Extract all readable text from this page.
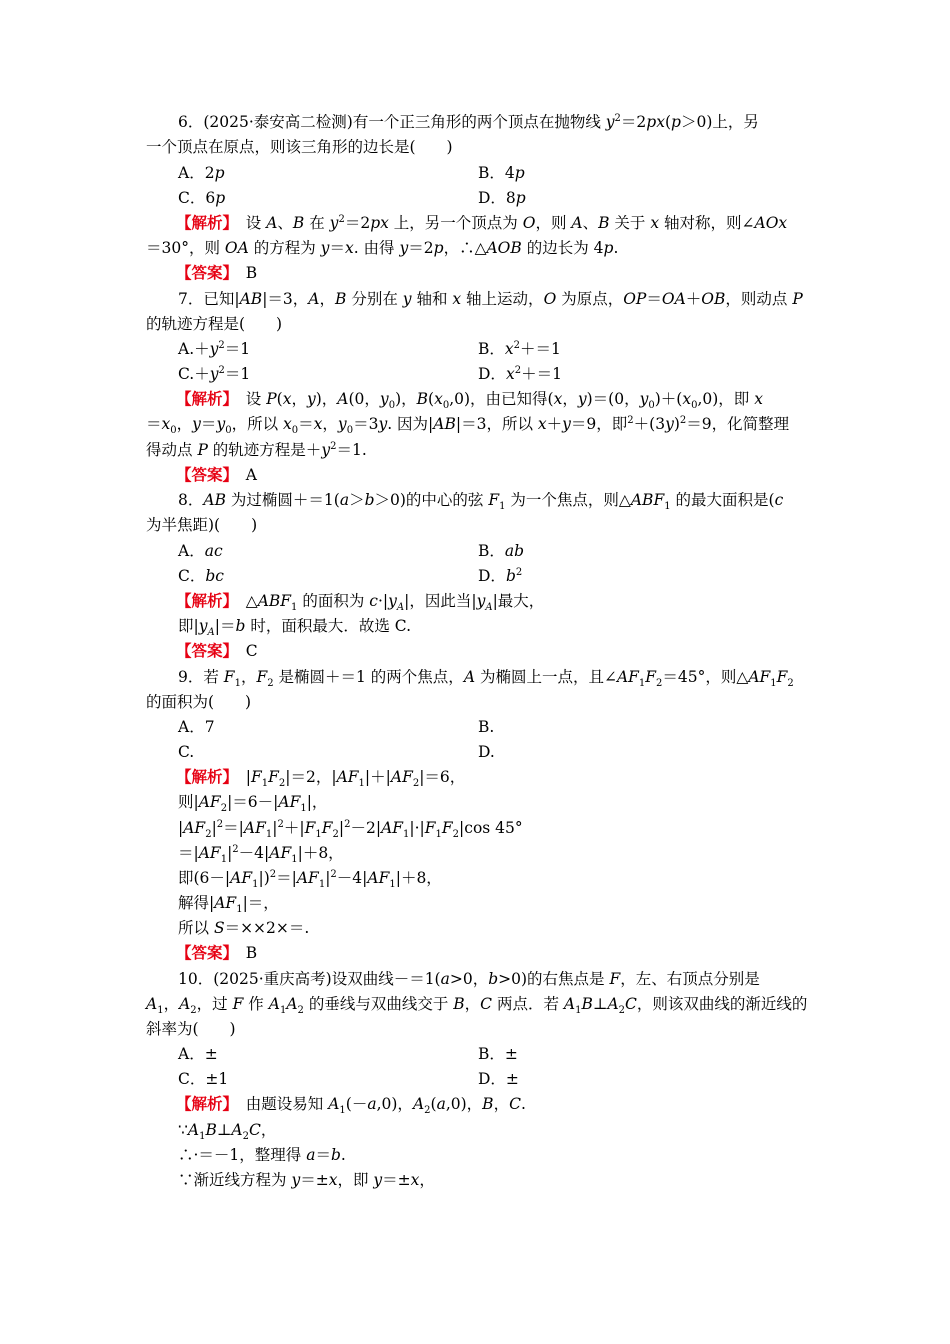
6．(2025·泰安高二检测)有一个正三角形的两个顶点在抛物线 $y^2=2px(p>0)$上，另
一个顶点在原点，则该三角形的边长是(　　)
A．2p	B．4p
C．6p	D．8p
【解析】　设 A、B 在 $y^2=2px$ 上，另一个顶点为 O，则 A、B 关于 x 轴对称，则∠AOx
＝30°，则 OA 的方程为 y＝x. 由得 y＝2p，∴△AOB 的边长为 4p.
【答案】　B
7．已知|AB|＝3，A，B 分别在 y 轴和 x 轴上运动，O 为原点，OP＝OA＋OB，则动点 P
的轨迹方程是(　　)
$A.+y^2=1$	B．$x^2+=1$
$C.+y^2=1$	D．$x^2+=1$
【解析】　设 P(x，y)，A(0，$y_0$)，$B(x_0,0)$，由已知得(x，y)＝(0，$y_0)+(x_0,0)$，即 x
$=x_0$，$y=y_0$，所以 $x_0=x$，$y_0=3y$. 因为|AB|＝3，所以 x＋y＝9，即$^2+(3y)^2=9$，化简整理
得动点 P 的轨迹方程是$+y^2=1$.
【答案】　A
8．AB 为过椭圆＋＝1(a＞b＞0)的中心的弦 $F_1$ 为一个焦点，则$\triangle ABF_1$ 的最大面积是(c
为半焦距)(　　)
A．ac	B．ab
C．bc	D．$b^2$
【解析】　$\triangle ABF_1$ 的面积为 $c\cdot|y_A|$，因此当$|y_A|$最大，
即$|y_A|=b$ 时，面积最大．故选 C.
【答案】　C
9．若 $F_1$，$F_2$ 是椭圆＋＝1 的两个焦点，A 为椭圆上一点，且$\angle AF_1F_2=45^\circ$，则$\triangle AF_1F_2$
的面积为(　　)
A．7	B.
C.	D.
【解析】　$|F_1F_2|=2$，$|AF_1|+|AF_2|=6$，
则$|AF_2|=6-|AF_1|$，
$|AF_2|^2=|AF_1|^2+|F_1F_2|^2-2|AF_1|\cdot|F_1F_2|\cos$ 45°
$=|AF_1|^2-4|AF_1|+8$，
即$(6-|AF_1|)^2=|AF_1|^2-4|AF_1|+8$，
解得$|AF_1|=$，
所以 S＝××2×＝.
【答案】　B
10．(2025·重庆高考)设双曲线－＝1(a>0，b>0)的右焦点是 F，左、右顶点分别是
$A_1$，$A_2$，过 F 作 $A_1A_2$ 的垂线与双曲线交于 B，C 两点．若 $A_1B\perp A_2C$，则该双曲线的渐近线的
斜率为(　　)
A．±	B．±
C．±1	D．±
【解析】　由题设易知 $A_1(-a,0)$，$A_2(a,0)$，B，C.
$\because A_1B\perp A_2C$，
∴·＝－1，整理得 a＝b.
∵渐近线方程为 y＝±x，即 y＝±x，
